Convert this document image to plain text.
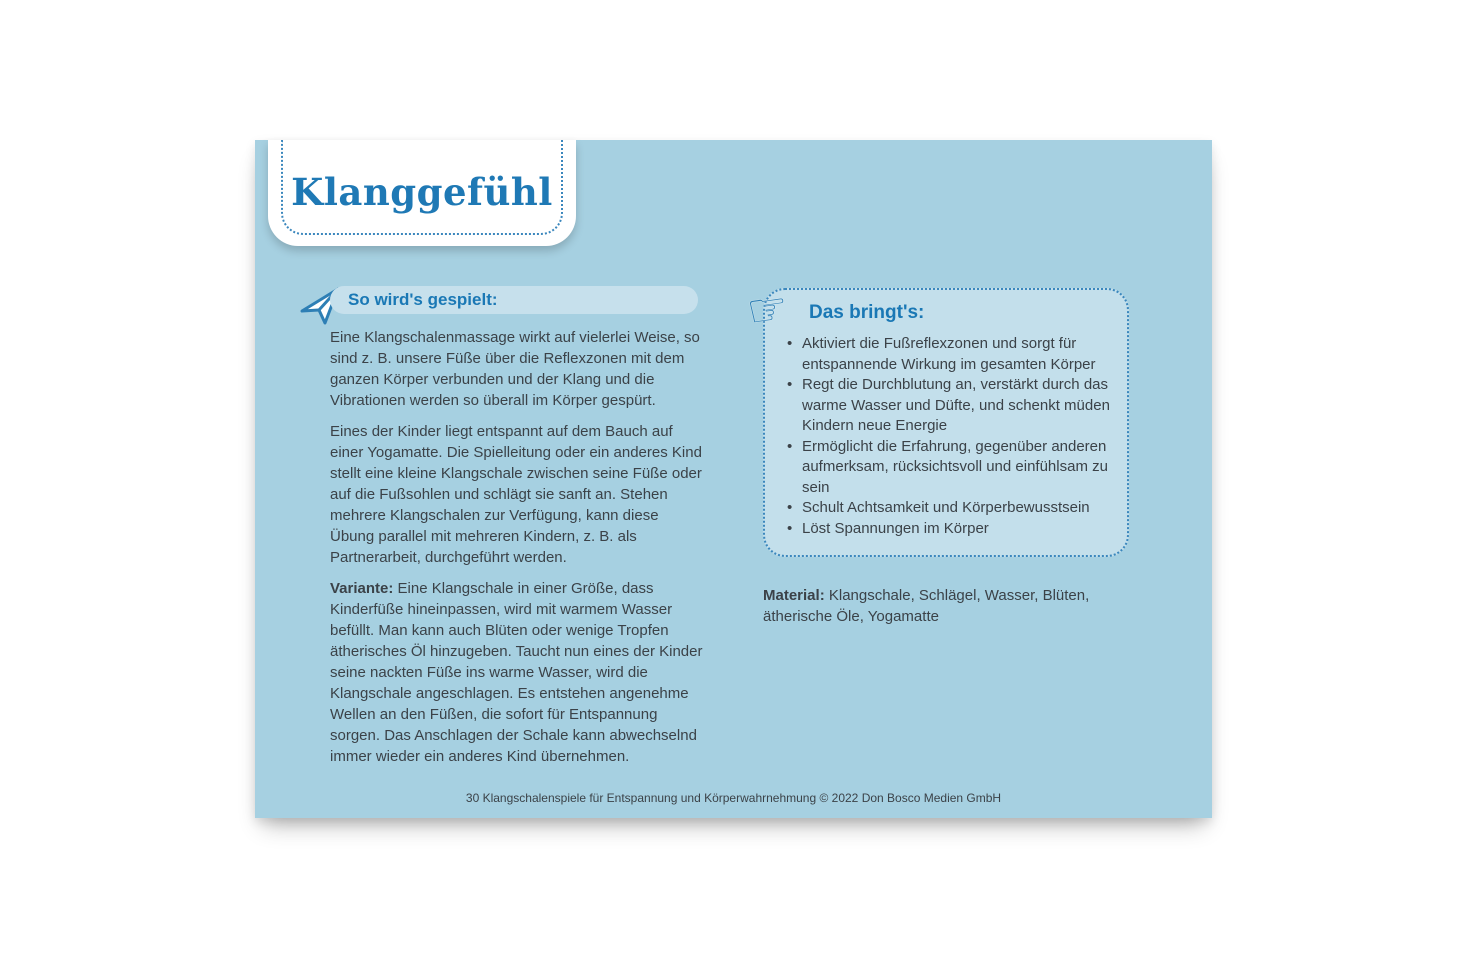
Klanggefühl
So wird's gespielt:

Eine Klangschalenmassage wirkt auf vielerlei Weise, so sind z. B. unsere Füße über die Reflexzonen mit dem ganzen Körper verbunden und der Klang und die Vibrationen werden so überall im Körper gespürt.

Eines der Kinder liegt entspannt auf dem Bauch auf einer Yogamatte. Die Spielleitung oder ein anderes Kind stellt eine kleine Klangschale zwischen seine Füße oder auf die Fußsohlen und schlägt sie sanft an. Stehen mehrere Klangschalen zur Verfügung, kann diese Übung parallel mit mehreren Kindern, z. B. als Partnerarbeit, durchgeführt werden.

Variante: Eine Klangschale in einer Größe, dass Kinderfüße hineinpassen, wird mit warmem Wasser befüllt. Man kann auch Blüten oder wenige Tropfen ätherisches Öl hinzugeben. Taucht nun eines der Kinder seine nackten Füße ins warme Wasser, wird die Klangschale angeschlagen. Es entstehen angenehme Wellen an den Füßen, die sofort für Entspannung sorgen. Das Anschlagen der Schale kann abwechselnd immer wieder ein anderes Kind übernehmen.

☞ Das bringt's:
• Aktiviert die Fußreflexzonen und sorgt für entspannende Wirkung im gesamten Körper
• Regt die Durchblutung an, verstärkt durch das warme Wasser und Düfte, und schenkt müden Kindern neue Energie
• Ermöglicht die Erfahrung, gegenüber anderen aufmerksam, rücksichtsvoll und einfühlsam zu sein
• Schult Achtsamkeit und Körperbewusstsein
• Löst Spannungen im Körper

Material: Klangschale, Schlägel, Wasser, Blüten, ätherische Öle, Yogamatte

30 Klangschalenspiele für Entspannung und Körperwahrnehmung © 2022 Don Bosco Medien GmbH
